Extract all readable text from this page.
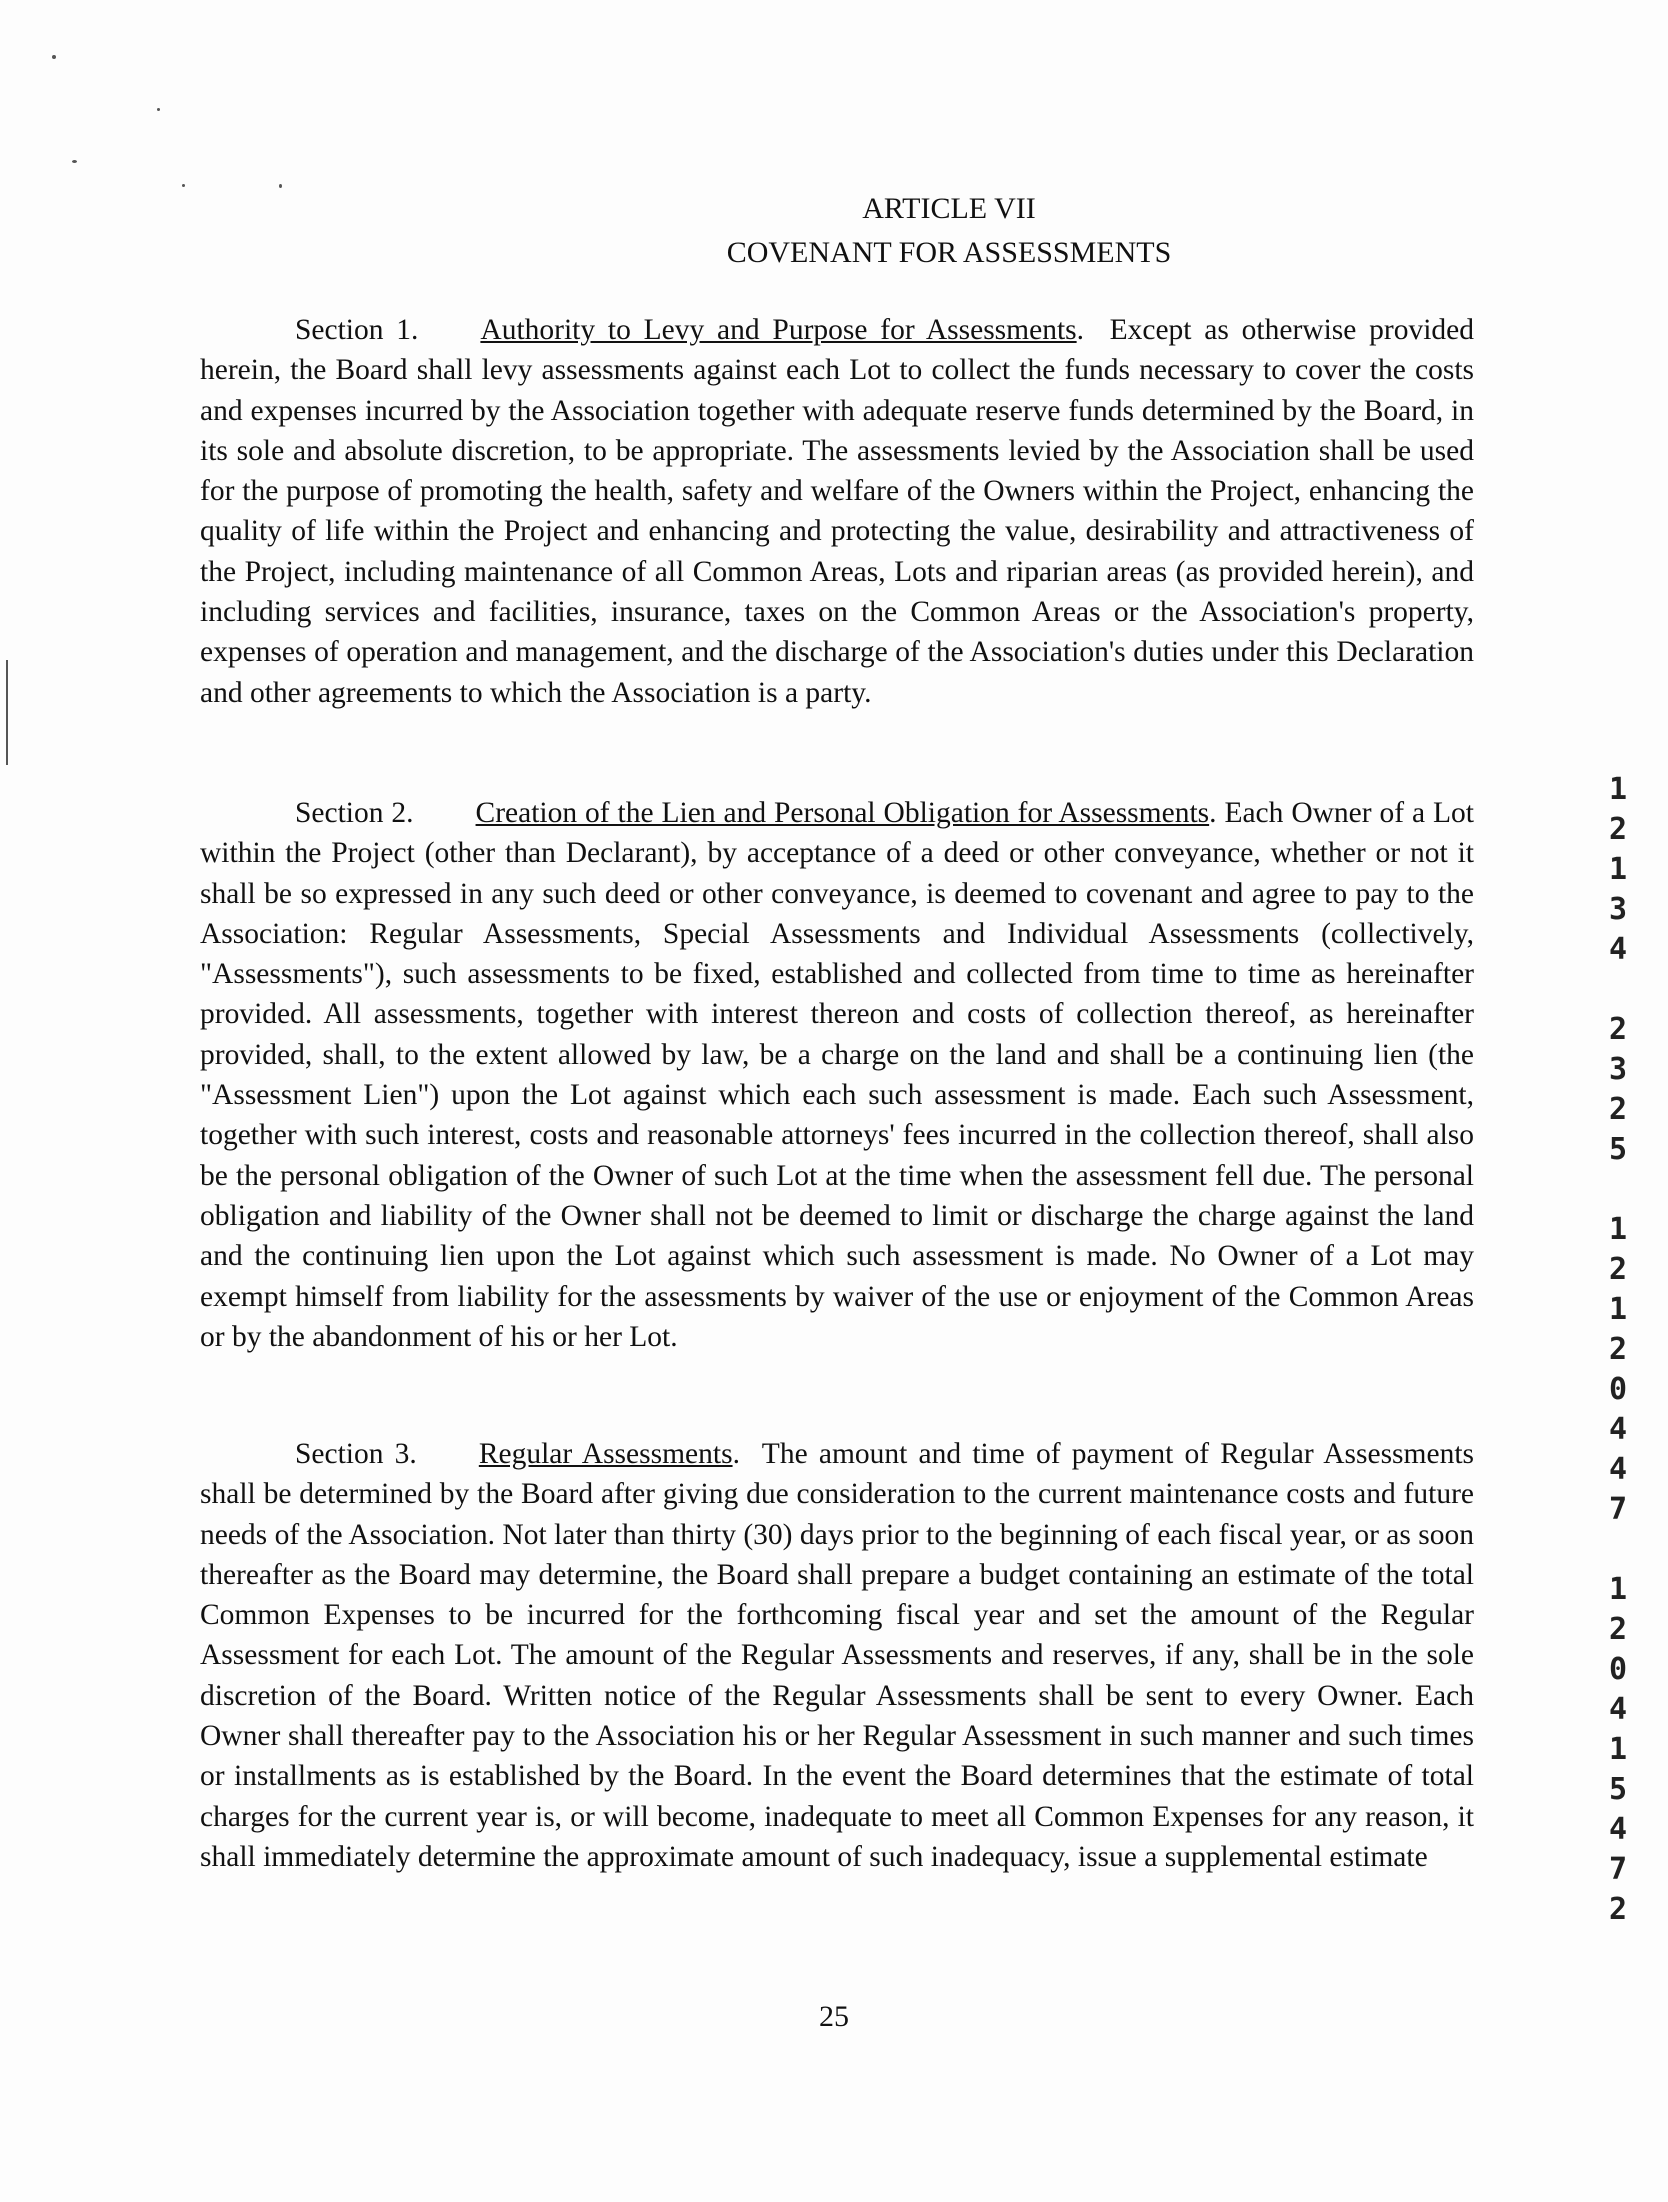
ARTICLE VII
COVENANT FOR ASSESSMENTS

Section 1. Authority to Levy and Purpose for Assessments.  Except as otherwise provided herein, the Board shall levy assessments against each Lot to collect the funds necessary to cover the costs and expenses incurred by the Association together with adequate reserve funds determined by the Board, in its sole and absolute discretion, to be appropriate. The assessments levied by the Association shall be used for the purpose of promoting the health, safety and welfare of the Owners within the Project, enhancing the quality of life within the Project and enhancing and protecting the value, desirability and attractiveness of the Project, including maintenance of all Common Areas, Lots and riparian areas (as provided herein), and including services and facilities, insurance, taxes on the Common Areas or the Association's property, expenses of operation and management, and the discharge of the Association's duties under this Declaration and other agreements to which the Association is a party.

Section 2. Creation of the Lien and Personal Obligation for Assessments. Each Owner of a Lot within the Project (other than Declarant), by acceptance of a deed or other conveyance, whether or not it shall be so expressed in any such deed or other conveyance, is deemed to covenant and agree to pay to the Association: Regular Assessments, Special Assessments and Individual Assessments (collectively, "Assessments"), such assessments to be fixed, established and collected from time to time as hereinafter provided. All assessments, together with interest thereon and costs of collection thereof, as hereinafter provided, shall, to the extent allowed by law, be a charge on the land and shall be a continuing lien (the "Assessment Lien") upon the Lot against which each such assessment is made. Each such Assessment, together with such interest, costs and reasonable attorneys' fees incurred in the collection thereof, shall also be the personal obligation of the Owner of such Lot at the time when the assessment fell due. The personal obligation and liability of the Owner shall not be deemed to limit or discharge the charge against the land and the continuing lien upon the Lot against which such assessment is made. No Owner of a Lot may exempt himself from liability for the assessments by waiver of the use or enjoyment of the Common Areas or by the abandonment of his or her Lot.

Section 3. Regular Assessments.  The amount and time of payment of Regular Assessments shall be determined by the Board after giving due consideration to the current maintenance costs and future needs of the Association. Not later than thirty (30) days prior to the beginning of each fiscal year, or as soon thereafter as the Board may determine, the Board shall prepare a budget containing an estimate of the total Common Expenses to be incurred for the forthcoming fiscal year and set the amount of the Regular Assessment for each Lot. The amount of the Regular Assessments and reserves, if any, shall be in the sole discretion of the Board. Written notice of the Regular Assessments shall be sent to every Owner. Each Owner shall thereafter pay to the Association his or her Regular Assessment in such manner and such times or installments as is established by the Board. In the event the Board determines that the estimate of total charges for the current year is, or will become, inadequate to meet all Common Expenses for any reason, it shall immediately determine the approximate amount of such inadequacy, issue a supplemental estimate

25
1
2
1
3
4

2
3
2
5

1
2
1
2
0
4
4
7

1
2
0
4
1
5
4
7
2
